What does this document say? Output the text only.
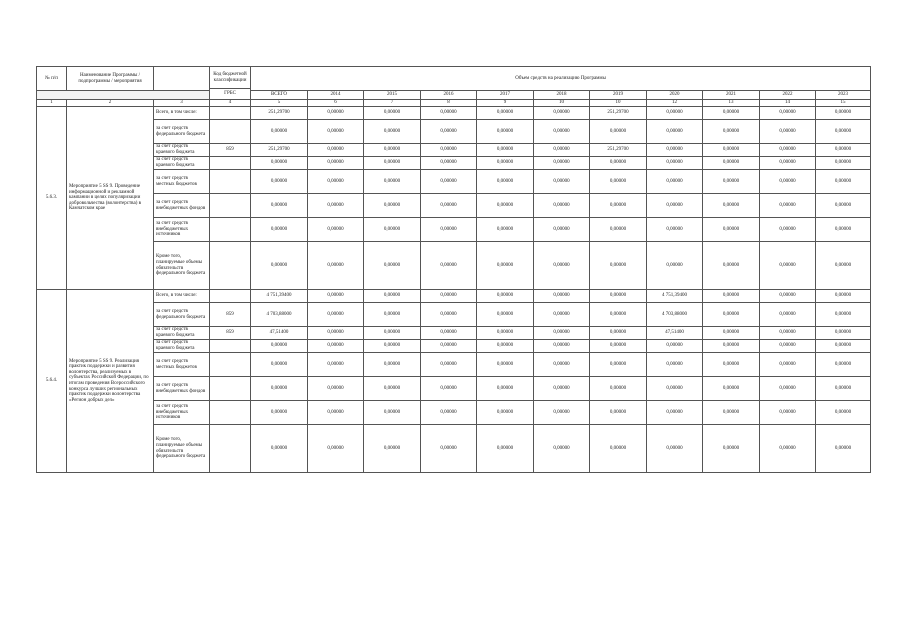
№ п/п	Наименование Программы / подпрограммы / мероприятия		Код бюджетной классификации	Объем средств на реализацию Программы										
			ГРБС											
				ВСЕГО	2014	2015	2016	2017	2018	2019	2020	2021	2022	2023
1	2	3	4	5	6	7	8	9	10	10	12	13	14	15
5.6.3.	Мероприятие 5 SS 9. Проведение информационной и рекламной кампании в целях популяризации добровольчества (волонтерства) в Камчатском крае	Всего, в том числе:		251,29700	0,00000	0,00000	0,00000	0,00000	0,00000	251,29700	0,00000	0,00000	0,00000	0,00000
		за счет средств федерального бюджета		0,00000	0,00000	0,00000	0,00000	0,00000	0,00000	0,00000	0,00000	0,00000	0,00000	0,00000
		за счет средств краевого бюджета	859	251,29700	0,00000	0,00000	0,00000	0,00000	0,00000	251,29700	0,00000	0,00000	0,00000	0,00000
		за счет средств краевого бюджета		0,00000	0,00000	0,00000	0,00000	0,00000	0,00000	0,00000	0,00000	0,00000	0,00000	0,00000
		за счет средств местных бюджетов		0,00000	0,00000	0,00000	0,00000	0,00000	0,00000	0,00000	0,00000	0,00000	0,00000	0,00000
		за счет средств внебюджетных фондов		0,00000	0,00000	0,00000	0,00000	0,00000	0,00000	0,00000	0,00000	0,00000	0,00000	0,00000
		за счет средств внебюджетных источников		0,00000	0,00000	0,00000	0,00000	0,00000	0,00000	0,00000	0,00000	0,00000	0,00000	0,00000
		Кроме того, планируемые объемы обязательств федерального бюджета		0,00000	0,00000	0,00000	0,00000	0,00000	0,00000	0,00000	0,00000	0,00000	0,00000	0,00000
5.6.4.	Мероприятие 5 SS 9. Реализация практик поддержки и развития волонтерства, реализуемых в субъектах Российской Федерации, по итогам проведения Всероссийского конкурса лучших региональных практик поддержки волонтерства «Регион добрых дел»	Всего, в том числе:		4 751,39400	0,00000	0,00000	0,00000	0,00000	0,00000	0,00000	4 751,39400	0,00000	0,00000	0,00000
		за счет средств федерального бюджета	859	4 703,88000	0,00000	0,00000	0,00000	0,00000	0,00000	0,00000	4 703,88000	0,00000	0,00000	0,00000
		за счет средств краевого бюджета	859	47,51400	0,00000	0,00000	0,00000	0,00000	0,00000	0,00000	47,51400	0,00000	0,00000	0,00000
		за счет средств краевого бюджета		0,00000	0,00000	0,00000	0,00000	0,00000	0,00000	0,00000	0,00000	0,00000	0,00000	0,00000
		за счет средств местных бюджетов		0,00000	0,00000	0,00000	0,00000	0,00000	0,00000	0,00000	0,00000	0,00000	0,00000	0,00000
		за счет средств внебюджетных фондов		0,00000	0,00000	0,00000	0,00000	0,00000	0,00000	0,00000	0,00000	0,00000	0,00000	0,00000
		за счет средств внебюджетных источников		0,00000	0,00000	0,00000	0,00000	0,00000	0,00000	0,00000	0,00000	0,00000	0,00000	0,00000
		Кроме того, планируемые объемы обязательств федерального бюджета		0,00000	0,00000	0,00000	0,00000	0,00000	0,00000	0,00000	0,00000	0,00000	0,00000	0,00000
